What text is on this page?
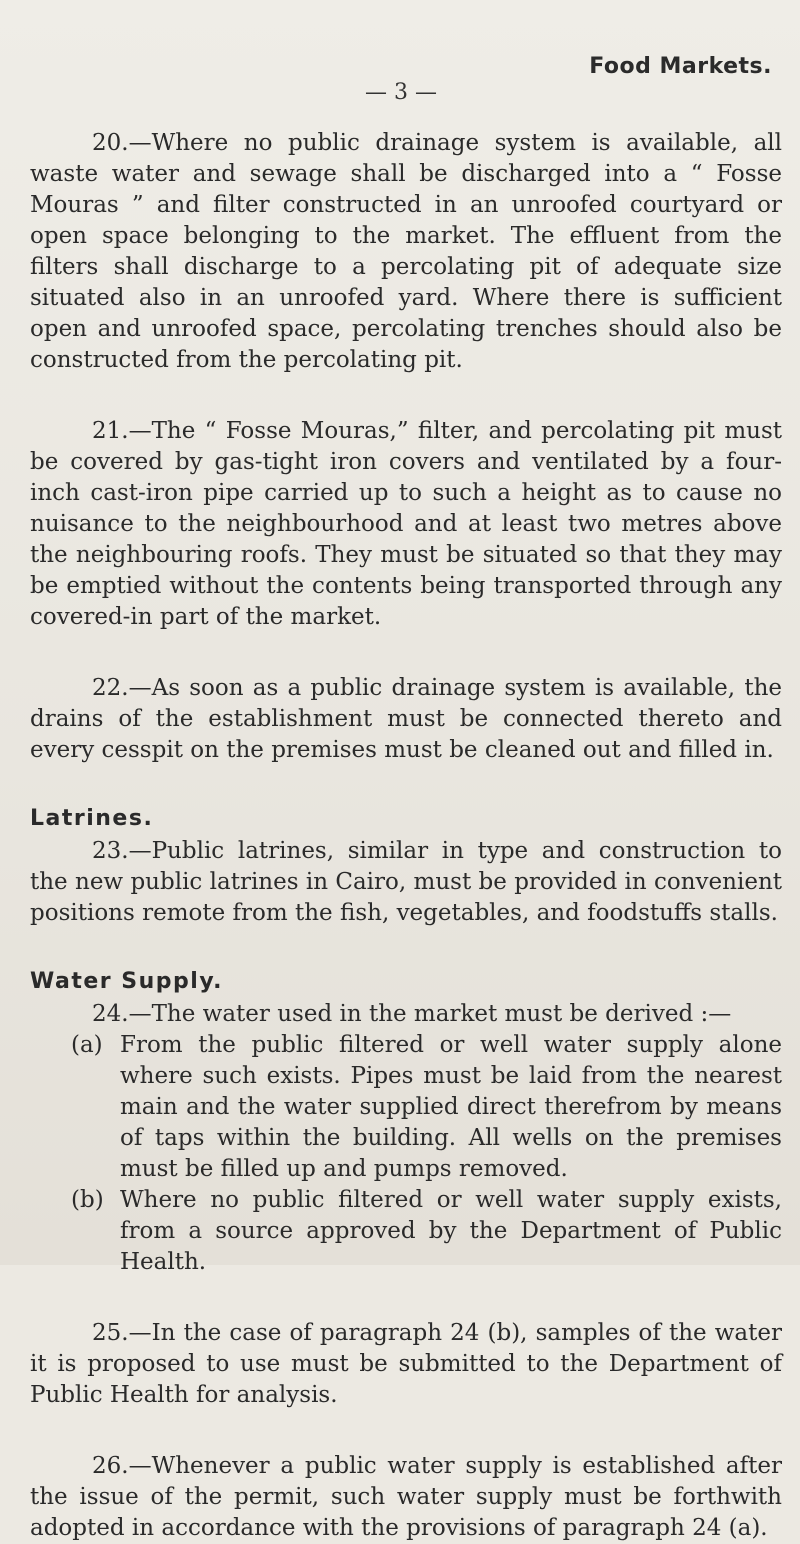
Food Markets.
— 3 —

20.—Where no public drainage system is available, all waste water and sewage shall be discharged into a “ Fosse Mouras ” and filter constructed in an unroofed courtyard or open space belonging to the market. The effluent from the filters shall discharge to a percolating pit of adequate size situated also in an unroofed yard. Where there is sufficient open and unroofed space, percolating trenches should also be constructed from the percolating pit.

21.—The “ Fosse Mouras,” filter, and percolating pit must be covered by gas-tight iron covers and ventilated by a four-inch cast-iron pipe carried up to such a height as to cause no nuisance to the neighbourhood and at least two metres above the neighbouring roofs. They must be situated so that they may be emptied without the contents being transported through any covered-in part of the market.

22.—As soon as a public drainage system is available, the drains of the establishment must be connected thereto and every cesspit on the premises must be cleaned out and filled in.

Latrines.

23.—Public latrines, similar in type and construction to the new public latrines in Cairo, must be provided in convenient positions remote from the fish, vegetables, and foodstuffs stalls.

Water Supply.

24.—The water used in the market must be derived :—

(a) From the public filtered or well water supply alone where such exists. Pipes must be laid from the nearest main and the water supplied direct therefrom by means of taps within the building. All wells on the premises must be filled up and pumps removed.
(b) Where no public filtered or well water supply exists, from a source approved by the Department of Public Health.

25.—In the case of paragraph 24 (b), samples of the water it is proposed to use must be submitted to the Department of Public Health for analysis.

26.—Whenever a public water supply is established after the issue of the permit, such water supply must be forthwith adopted in accordance with the provisions of paragraph 24 (a).
